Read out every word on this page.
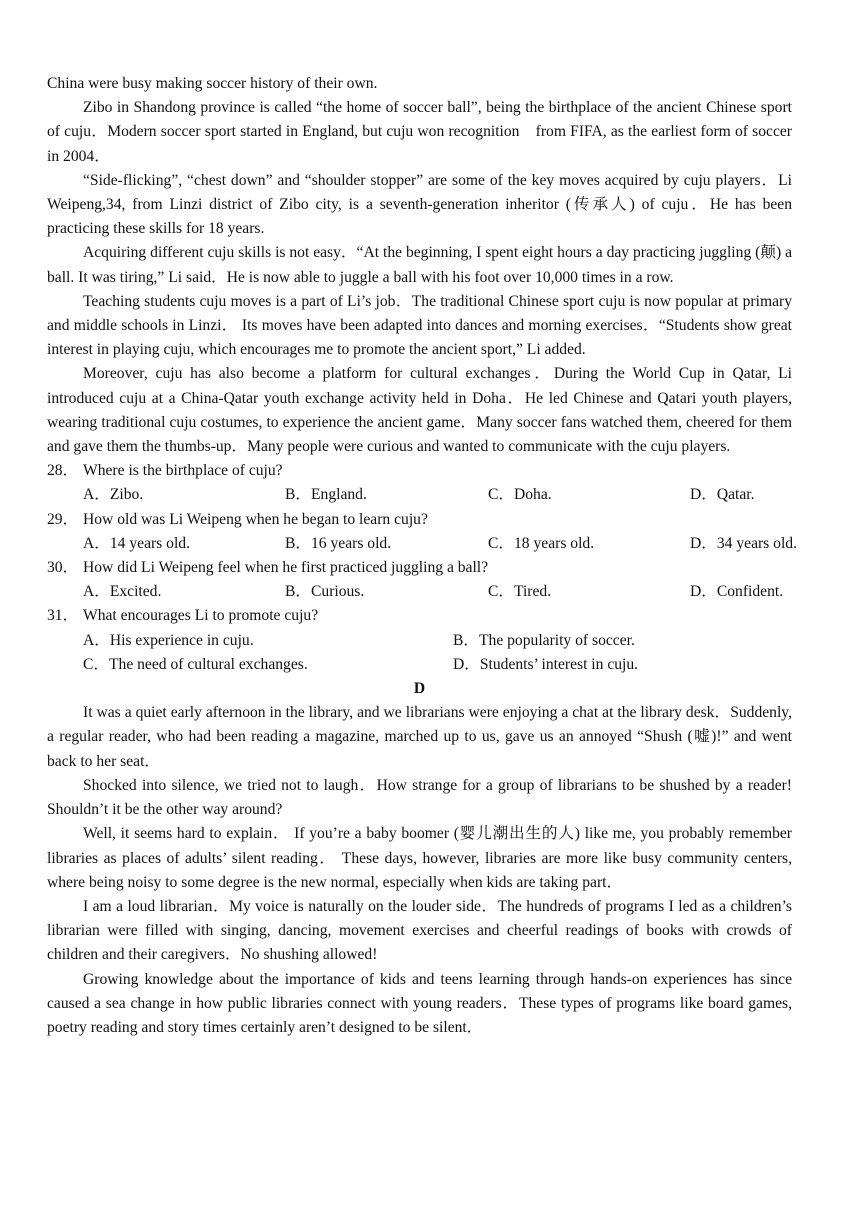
China were busy making soccer history of their own.

Zibo in Shandong province is called “the home of soccer ball”, being the birthplace of the ancient Chinese sport of cuju．Modern soccer sport started in England, but cuju won recognition　from FIFA, as the earliest form of soccer in 2004．

“Side-flicking”, “chest down” and “shoulder stopper” are some of the key moves acquired by cuju players．Li Weipeng,34, from Linzi district of Zibo city, is a seventh-generation inheritor (传承人) of cuju．He has been practicing these skills for 18 years.

Acquiring different cuju skills is not easy．“At the beginning, I spent eight hours a day practicing juggling (颠) a ball. It was tiring,” Li said．He is now able to juggle a ball with his foot over 10,000 times in a row.

Teaching students cuju moves is a part of Li’s job．The traditional Chinese sport cuju is now popular at primary and middle schools in Linzi． Its moves have been adapted into dances and morning exercises．“Students show great interest in playing cuju, which encourages me to promote the ancient sport,” Li added.

Moreover, cuju has also become a platform for cultural exchanges．During the World Cup in Qatar, Li introduced cuju at a China-Qatar youth exchange activity held in Doha．He led Chinese and Qatari youth players, wearing traditional cuju costumes, to experience the ancient game．Many soccer fans watched them, cheered for them and gave them the thumbs-up．Many people were curious and wanted to communicate with the cuju players.

28． Where is the birthplace of cuju?

A．Zibo.	B．England.	C．Doha.	D．Qatar.

29． How old was Li Weipeng when he began to learn cuju?

A．14 years old.	B．16 years old.	C．18 years old.	D．34 years old.

30． How did Li Weipeng feel when he first practiced juggling a ball?

A．Excited.	B．Curious.	C．Tired.	D．Confident.

31． What encourages Li to promote cuju?

A．His experience in cuju.	B．The popularity of soccer.
C．The need of cultural exchanges.	D．Students’ interest in cuju.

D

It was a quiet early afternoon in the library, and we librarians were enjoying a chat at the library desk．Suddenly, a regular reader, who had been reading a magazine, marched up to us, gave us an annoyed “Shush (嘘)!” and went back to her seat．

Shocked into silence, we tried not to laugh．How strange for a group of librarians to be shushed by a reader! Shouldn’t it be the other way around?

Well, it seems hard to explain． If you’re a baby boomer (婴儿潮出生的人) like me, you probably remember libraries as places of adults’ silent reading． These days, however, libraries are more like busy community centers, where being noisy to some degree is the new normal, especially when kids are taking part．

I am a loud librarian．My voice is naturally on the louder side．The hundreds of programs I led as a children’s librarian were filled with singing, dancing, movement exercises and cheerful readings of books with crowds of children and their caregivers．No shushing allowed!

Growing knowledge about the importance of kids and teens learning through hands-on experiences has since caused a sea change in how public libraries connect with young readers．These types of programs like board games, poetry reading and story times certainly aren’t designed to be silent．
